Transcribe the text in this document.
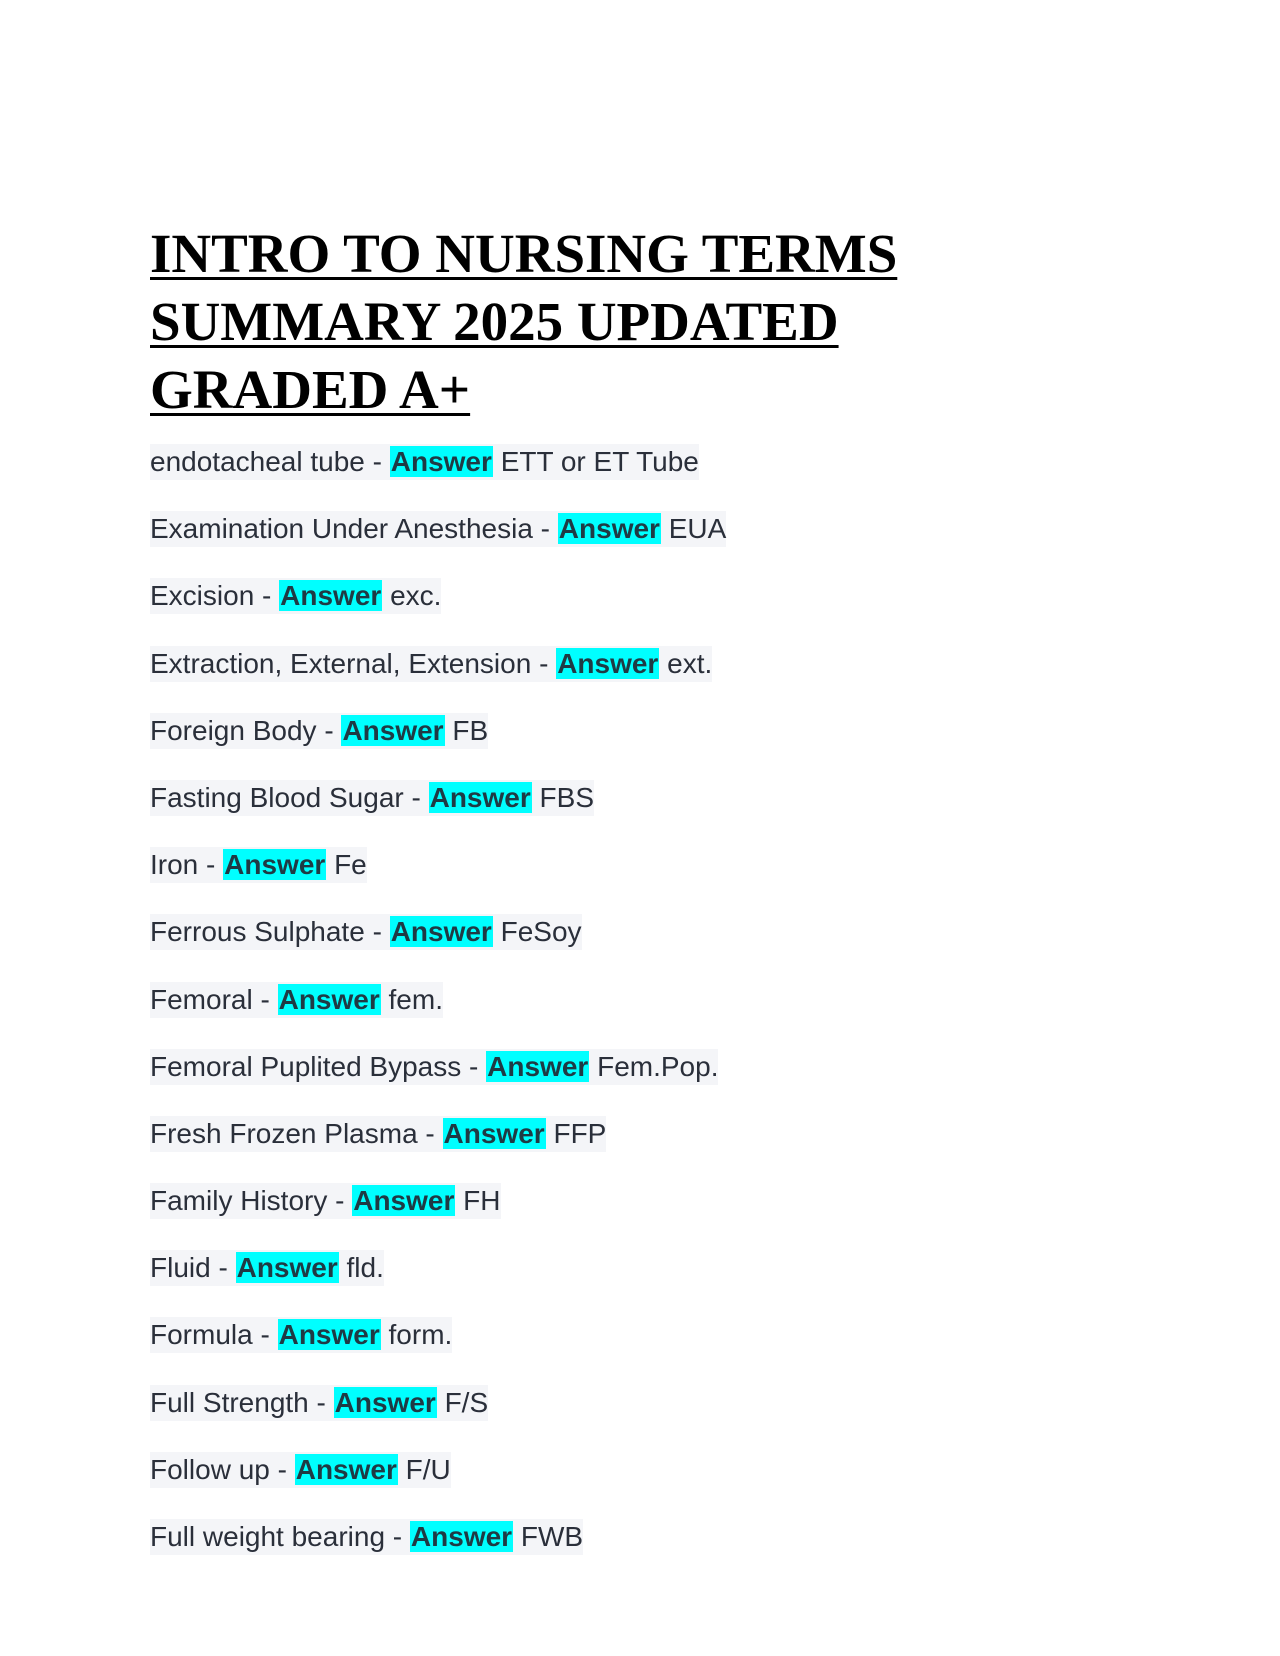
INTRO TO NURSING TERMS SUMMARY 2025 UPDATED GRADED A+

endotacheal tube - Answer ETT or ET Tube
Examination Under Anesthesia - Answer EUA
Excision - Answer exc.
Extraction, External, Extension - Answer ext.
Foreign Body - Answer FB
Fasting Blood Sugar - Answer FBS
Iron - Answer Fe
Ferrous Sulphate - Answer FeSoy
Femoral - Answer fem.
Femoral Puplited Bypass - Answer Fem.Pop.
Fresh Frozen Plasma - Answer FFP
Family History - Answer FH
Fluid - Answer fld.
Formula - Answer form.
Full Strength - Answer F/S
Follow up - Answer F/U
Full weight bearing - Answer FWB
